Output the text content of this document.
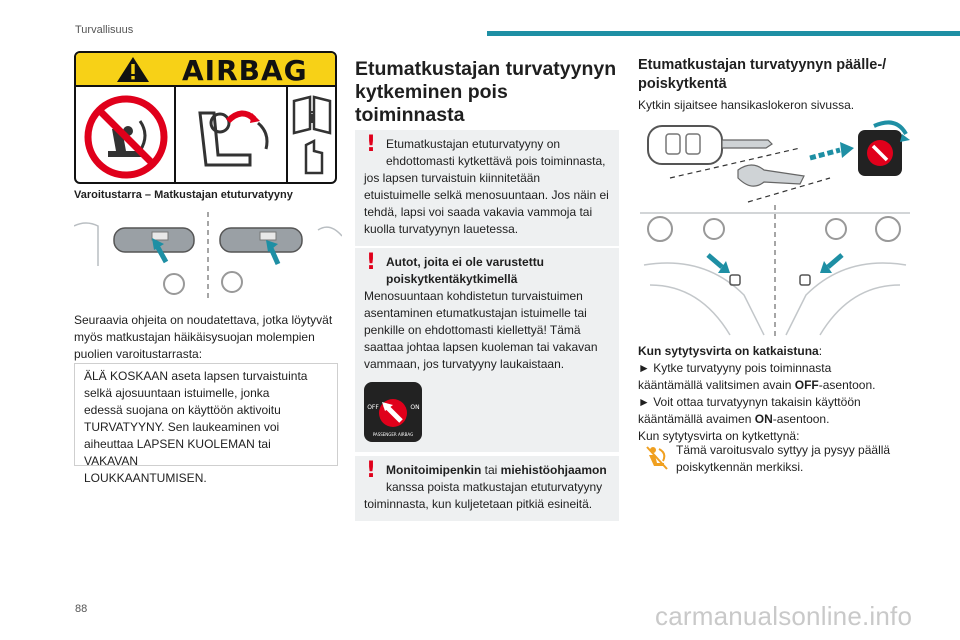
Turvallisuus
AIRBAG
i
Varoitustarra – Matkustajan etuturvatyyny
Seuraavia ohjeita on noudatettava, jotka löytyvät
myös matkustajan häikäisysuojan molempien
puolien varoitustarrasta:
ÄLÄ KOSKAAN aseta lapsen turvaistuinta
selkä ajosuuntaan istuimelle, jonka
edessä suojana on käyttöön aktivoitu
TURVATYYNY. Sen laukeaminen voi
aiheuttaa LAPSEN KUOLEMAN tai VAKAVAN
LOUKKAANTUMISEN.
Etumatkustajan turvatyynyn
kytkeminen pois
toiminnasta
! Etumatkustajan etuturvatyyny on

ehdottomasti kytkettävä pois toiminnasta,

jos lapsen turvaistuin kiinnitetään

etuistuimelle selkä menosuuntaan. Jos näin ei

tehdä, lapsi voi saada vakavia vammoja tai

kuolla turvatyynyn lauetessa.

! Autot, joita ei ole varustettu

poiskytkentäkytkimellä

Menosuuntaan kohdistetun turvaistuimen

asentaminen etumatkustajan istuimelle tai

penkille on ehdottomasti kiellettyä! Tämä

saattaa johtaa lapsen kuoleman tai vakavan

vammaan, jos turvatyyny laukaistaan.

OFF	ON
PASSENGER AIRBAG
! Monitoimipenkin tai miehistöohjaamon

kanssa poista matkustajan etuturvatyyny

toiminnasta, kun kuljetetaan pitkiä esineitä.

Etumatkustajan turvatyynyn päälle-/
poiskytkentä
Kytkin sijaitsee hansikaslokeron sivussa.
Kun sytytysvirta on katkaistuna:
► Kytke turvatyyny pois toiminnasta
kääntämällä valitsimen avain OFF-asentoon.
► Voit ottaa turvatyynyn takaisin käyttöön
kääntämällä avaimen ON-asentoon.
Kun sytytysvirta on kytkettynä:
Tämä varoitusvalo syttyy ja pysyy päällä
poiskytkennän merkiksi.
88	carmanualsonline.info
